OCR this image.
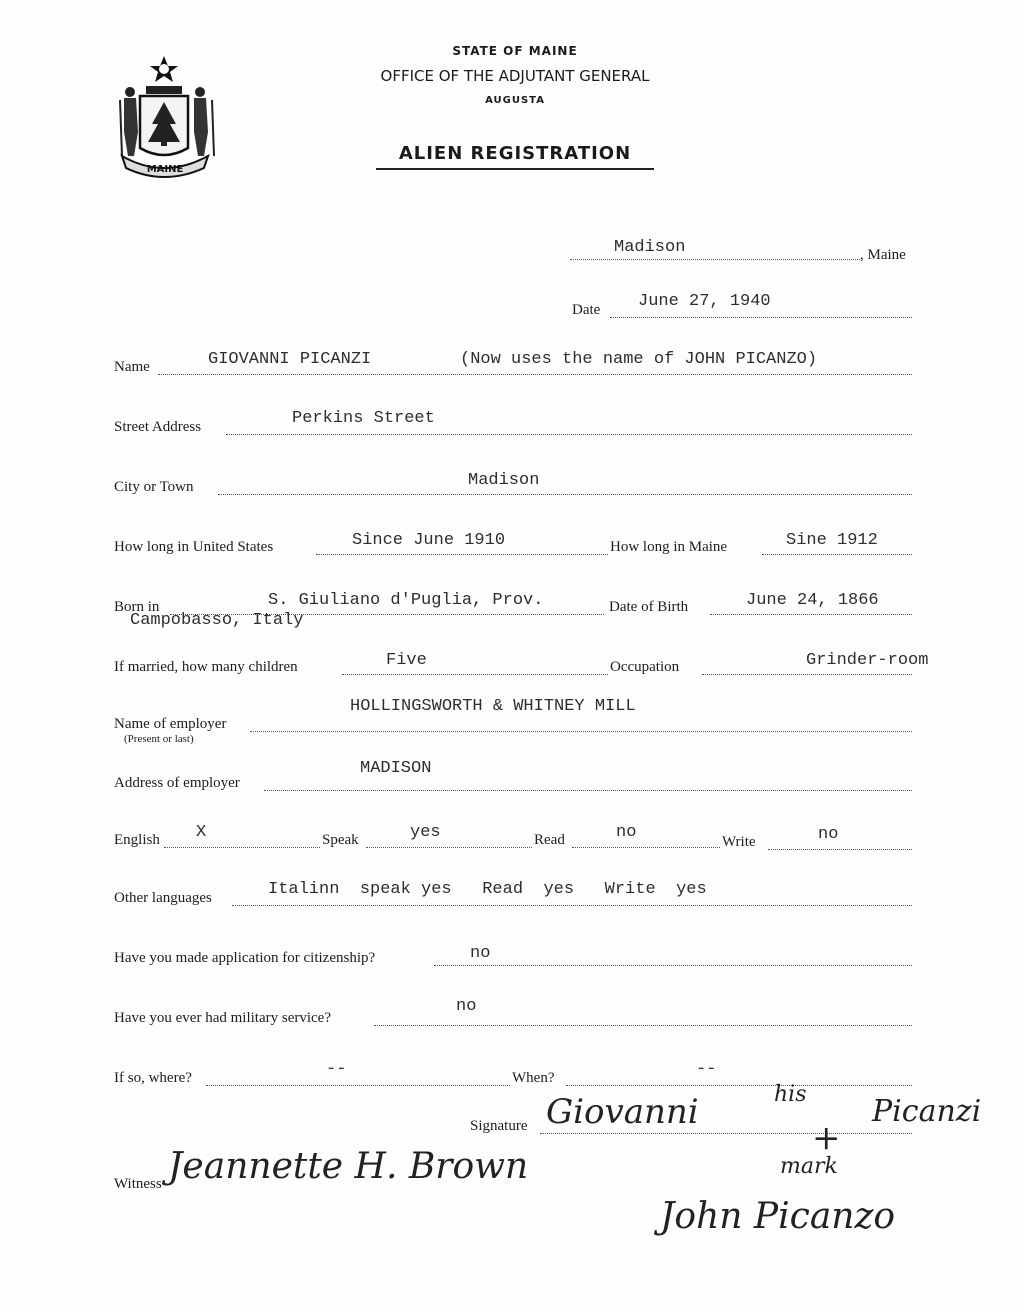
MAINE
STATE OF MAINE
OFFICE OF THE ADJUTANT GENERAL
AUGUSTA
ALIEN REGISTRATION
Madison	, Maine
Date June 27, 1940
Name	GIOVANNI PICANZI	(Now uses the name of JOHN PICANZO)
Street Address	Perkins Street
City or Town	Madison
How long in United States	Since June 1910	How long in Maine	Sine 1912
Born in	S. Giuliano d'Puglia, Prov.
Campobasso, Italy
Date of Birth	June 24, 1866
If married, how many children	Five	Occupation	Grinder-room
Name of employer
(Present or last)
HOLLINGSWORTH & WHITNEY MILL
Address of employer
MADISON
English X	Speak	yes	Read	no	Write	no
Other languages	Italinn  speak yes   Read  yes   Write  yes
Have you made application for citizenship?	no
Have you ever had military service?
no
If so, where?	--	When?	--
Signature Giovanni	his Picanzi
+
mark
John Picanzo
Witness Jeannette H. Brown
